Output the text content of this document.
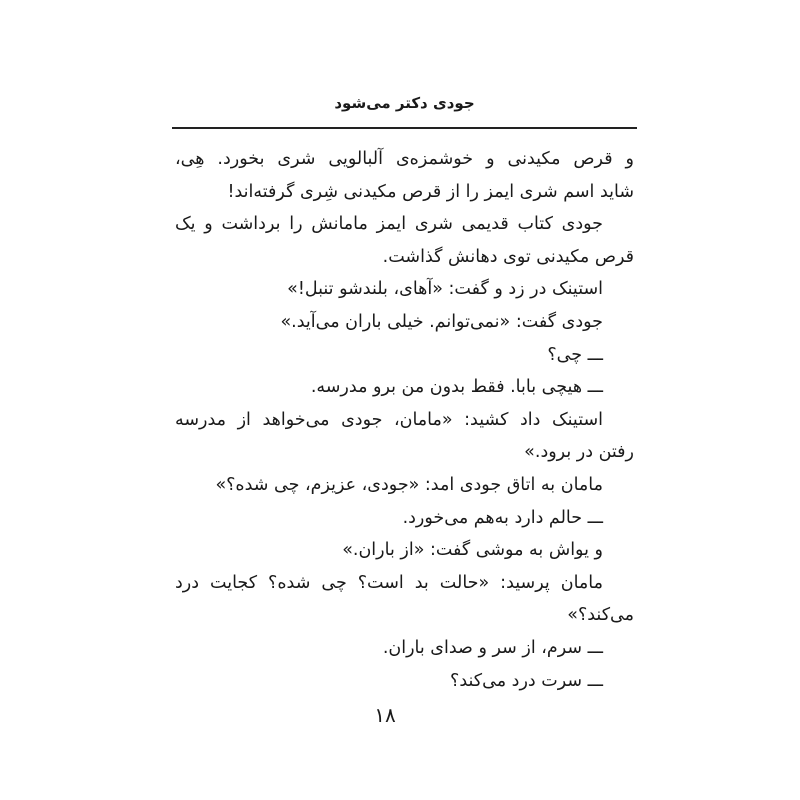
جودی دکتر می‌شود
و قرص مکیدنی و خوشمزه‌ی آلبالویی شری بخورد. هِی،
شاید اسم شری ایمز را از قرص مکیدنی شِری گرفته‌اند!
جودی کتاب قدیمی شری ایمز مامانش را برداشت و یک
قرص مکیدنی توی دهانش گذاشت.
استینک در زد و گفت: «آهای، بلندشو تنبل!»
جودی گفت: «نمی‌توانم. خیلی باران می‌آید.»
ـــ چی؟
ـــ هیچی بابا. فقط بدون من برو مدرسه.
استینک داد کشید: «مامان، جودی می‌خواهد از مدرسه
رفتن در برود.»
مامان به اتاق جودی امد: «جودی، عزیزم، چی شده؟»
ـــ حالم دارد به‌هم می‌خورد.
و یواش به موشی گفت: «از باران.»
مامان پرسید: «حالت بد است؟ چی شده؟ کجایت درد
می‌کند؟»
ـــ سرم، از سر و صدای باران.
ـــ سرت درد می‌کند؟
۱۸
